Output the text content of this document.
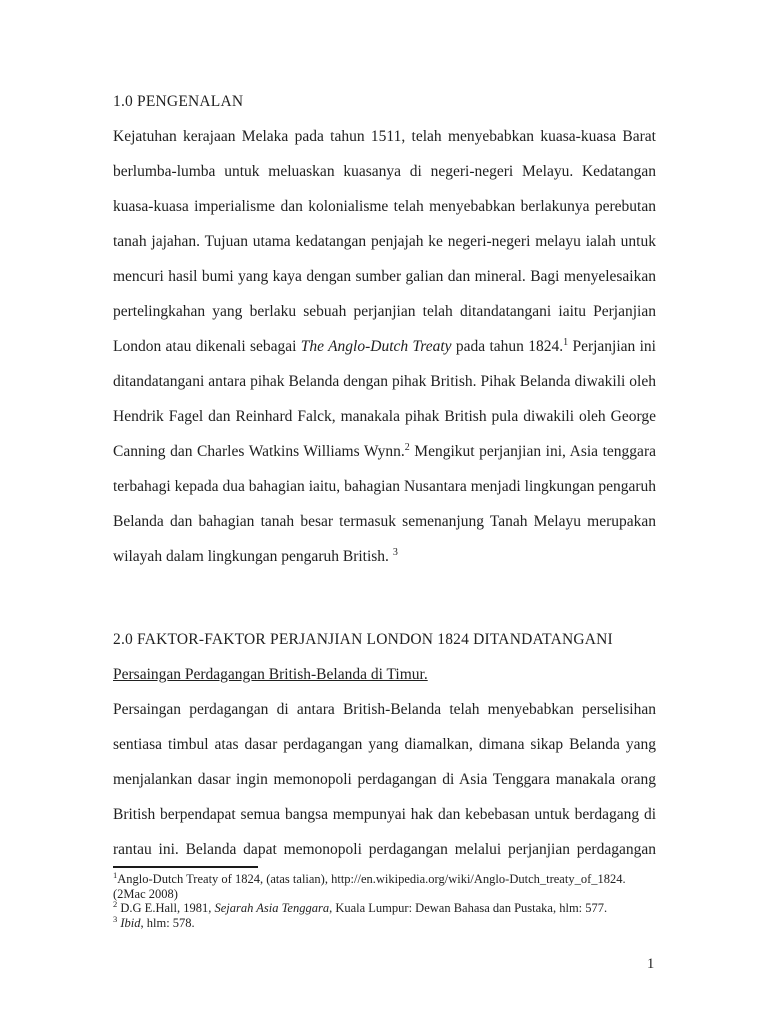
1.0 PENGENALAN

Kejatuhan kerajaan Melaka pada tahun 1511, telah menyebabkan kuasa-kuasa Barat berlumba-lumba untuk meluaskan kuasanya di negeri-negeri Melayu. Kedatangan kuasa-kuasa imperialisme dan kolonialisme telah menyebabkan berlakunya perebutan tanah jajahan. Tujuan utama kedatangan penjajah ke negeri-negeri melayu ialah untuk mencuri hasil bumi yang kaya dengan sumber galian dan mineral. Bagi menyelesaikan pertelingkahan yang berlaku sebuah perjanjian telah ditandatangani iaitu Perjanjian London atau dikenali sebagai The Anglo-Dutch Treaty pada tahun 1824.$^1$ Perjanjian ini ditandatangani antara pihak Belanda dengan pihak British. Pihak Belanda diwakili oleh Hendrik Fagel dan Reinhard Falck, manakala pihak British pula diwakili oleh George Canning dan Charles Watkins Williams Wynn.$^2$ Mengikut perjanjian ini, Asia tenggara terbahagi kepada dua bahagian iaitu, bahagian Nusantara menjadi lingkungan pengaruh Belanda dan bahagian tanah besar termasuk semenanjung Tanah Melayu merupakan wilayah dalam lingkungan pengaruh British. $^3$

2.0 FAKTOR-FAKTOR PERJANJIAN LONDON 1824 DITANDATANGANI
Persaingan Perdagangan British-Belanda di Timur.

Persaingan perdagangan di antara British-Belanda telah menyebabkan perselisihan sentiasa timbul atas dasar perdagangan yang diamalkan, dimana sikap Belanda yang menjalankan dasar ingin memonopoli perdagangan di Asia Tenggara manakala orang British berpendapat semua bangsa mempunyai hak dan kebebasan untuk berdagang di rantau ini. Belanda dapat memonopoli perdagangan melalui perjanjian perdagangan

$^1$Anglo-Dutch Treaty of 1824, (atas talian), http://en.wikipedia.org/wiki/Anglo-Dutch_treaty_of_1824.
(2Mac 2008)
$^2$ D.G E.Hall, 1981, Sejarah Asia Tenggara, Kuala Lumpur: Dewan Bahasa dan Pustaka, hlm: 577.
$^3$ Ibid, hlm: 578.
1
